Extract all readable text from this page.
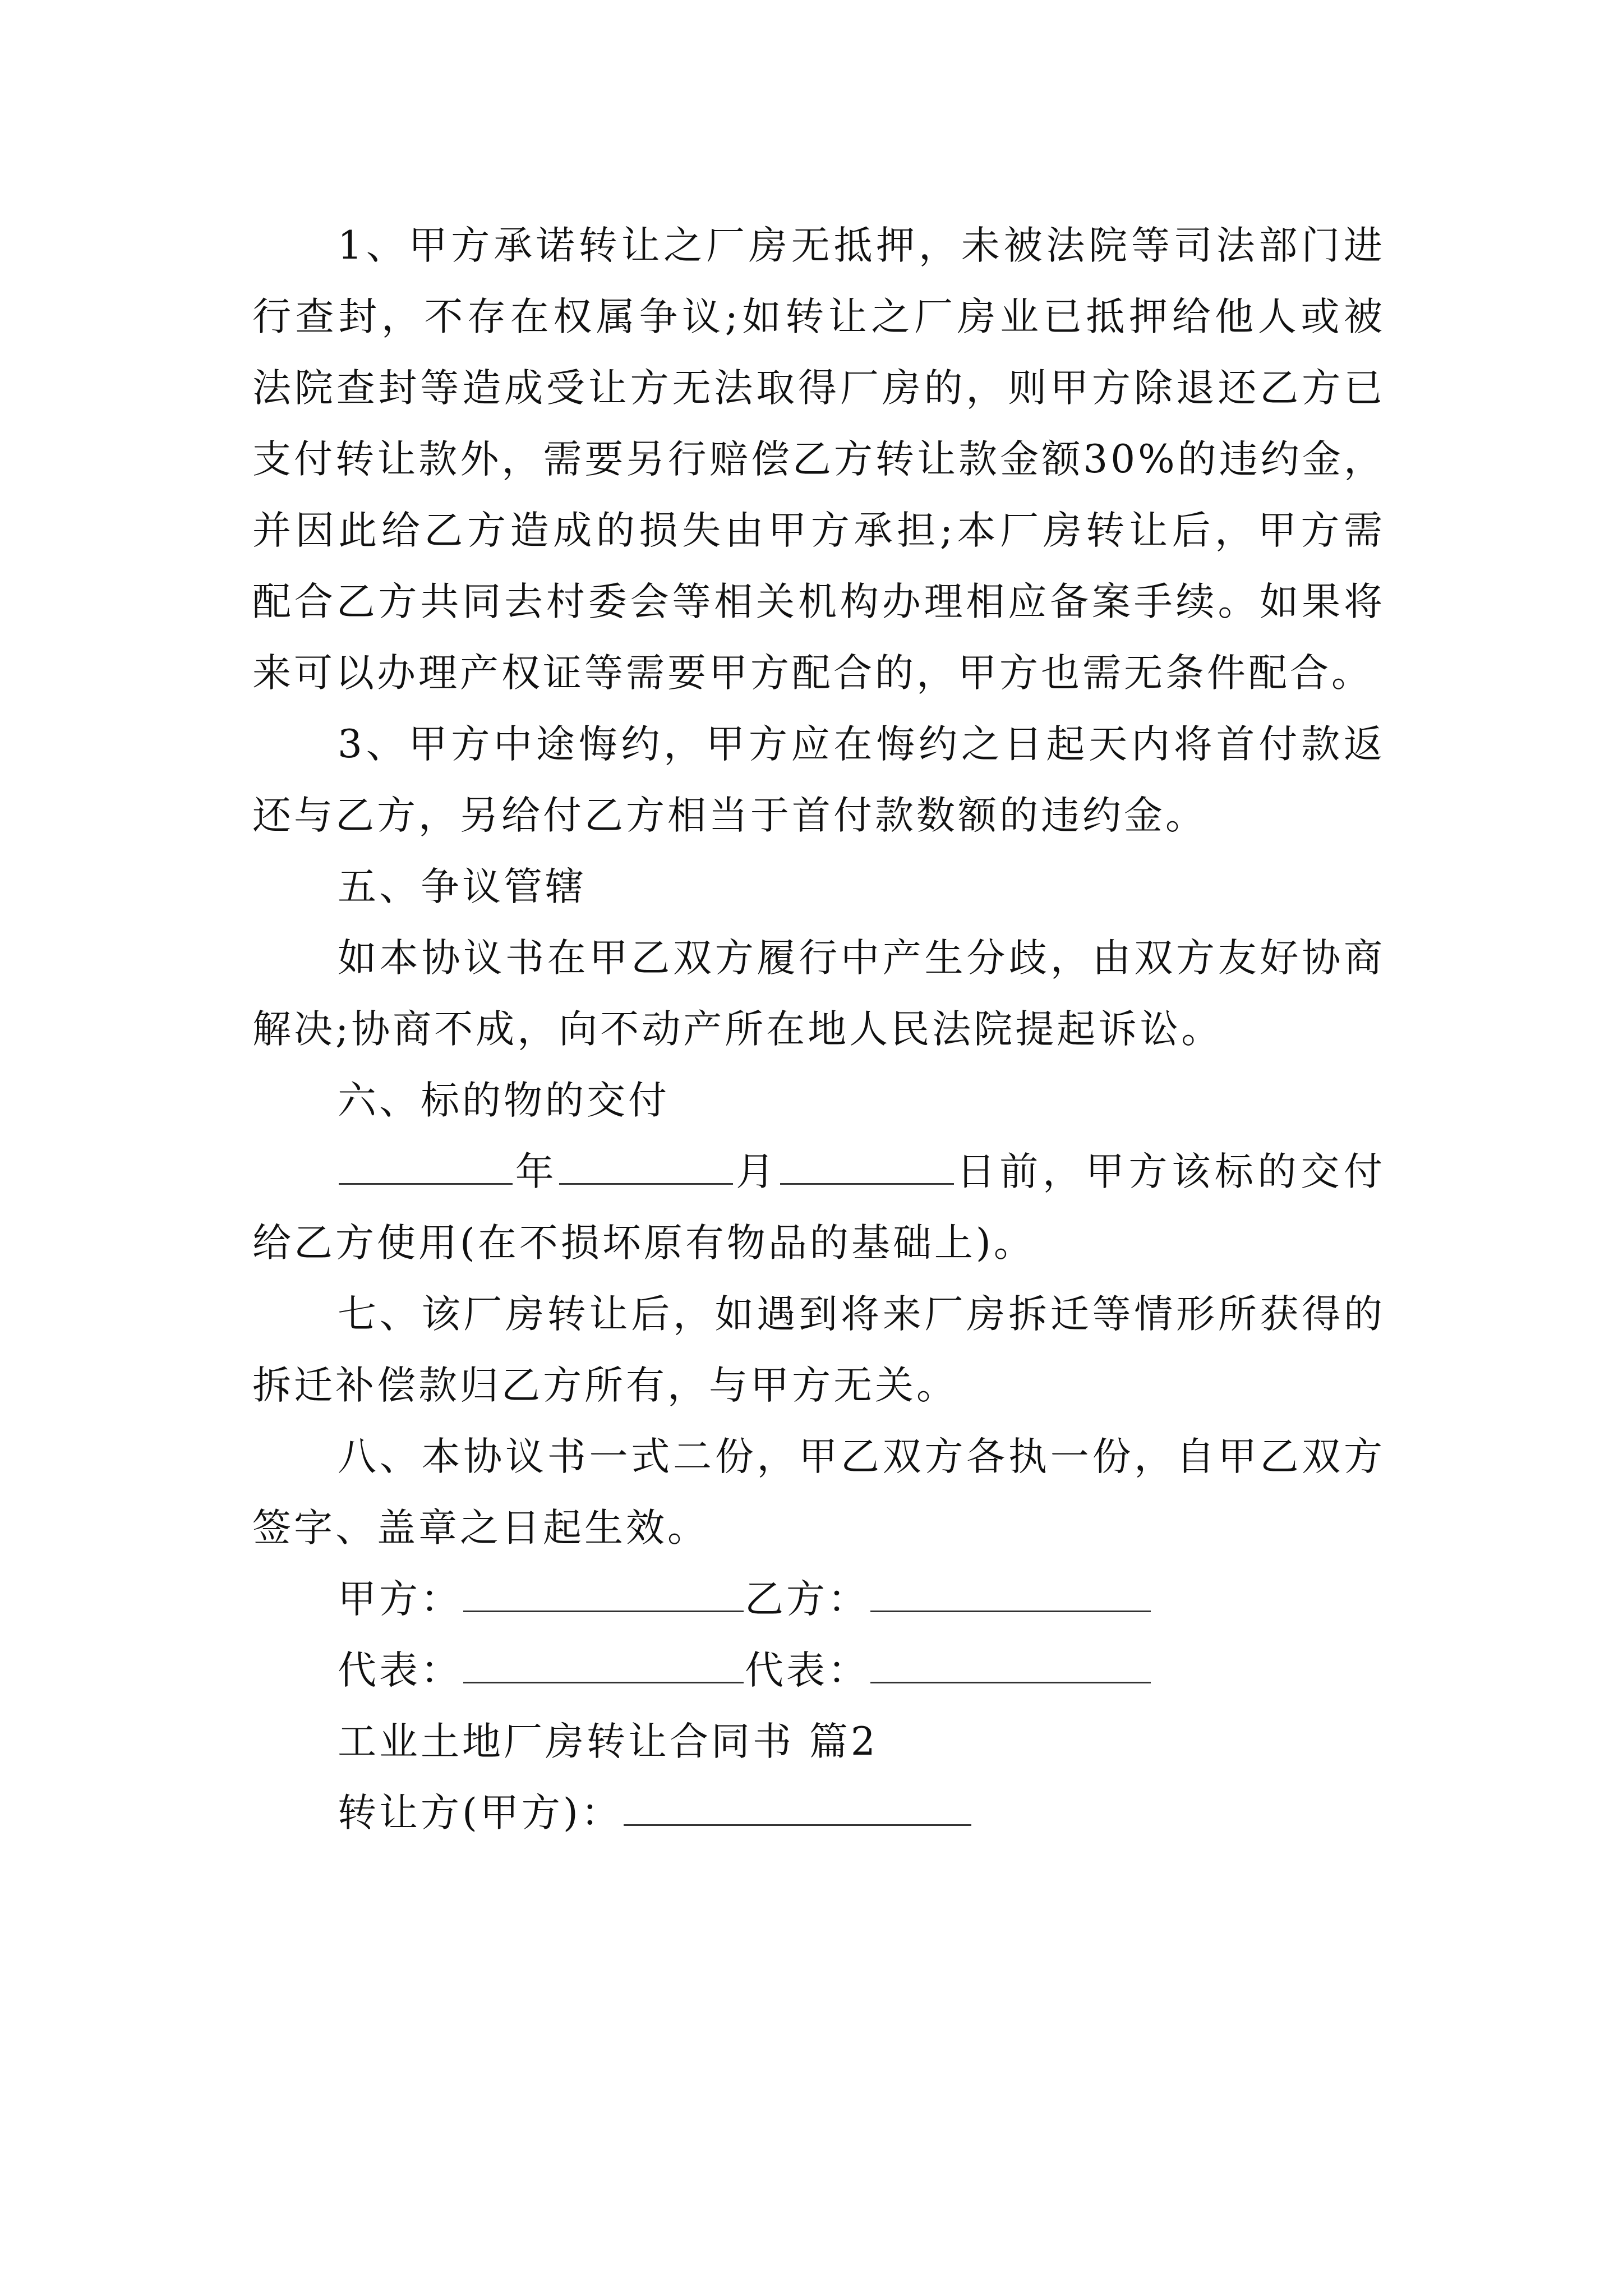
1、甲方承诺转让之厂房无抵押，未被法院等司法部门进行查封，不存在权属争议;如转让之厂房业已抵押给他人或被法院查封等造成受让方无法取得厂房的，则甲方除退还乙方已支付转让款外，需要另行赔偿乙方转让款金额30%的违约金，并因此给乙方造成的损失由甲方承担;本厂房转让后，甲方需配合乙方共同去村委会等相关机构办理相应备案手续。如果将来可以办理产权证等需要甲方配合的，甲方也需无条件配合。

3、甲方中途悔约，甲方应在悔约之日起天内将首付款返还与乙方，另给付乙方相当于首付款数额的违约金。

五、争议管辖

如本协议书在甲乙双方履行中产生分歧，由双方友好协商解决;协商不成，向不动产所在地人民法院提起诉讼。

六、标的物的交付

年	月	日前，甲方该标的交付给乙方使用(在不损坏原有物品的基础上)。

七、该厂房转让后，如遇到将来厂房拆迁等情形所获得的拆迁补偿款归乙方所有，与甲方无关。

八、本协议书一式二份，甲乙双方各执一份，自甲乙双方签字、盖章之日起生效。

甲方：	乙方：
代表：	代表：
工业土地厂房转让合同书 篇2
转让方(甲方)：
